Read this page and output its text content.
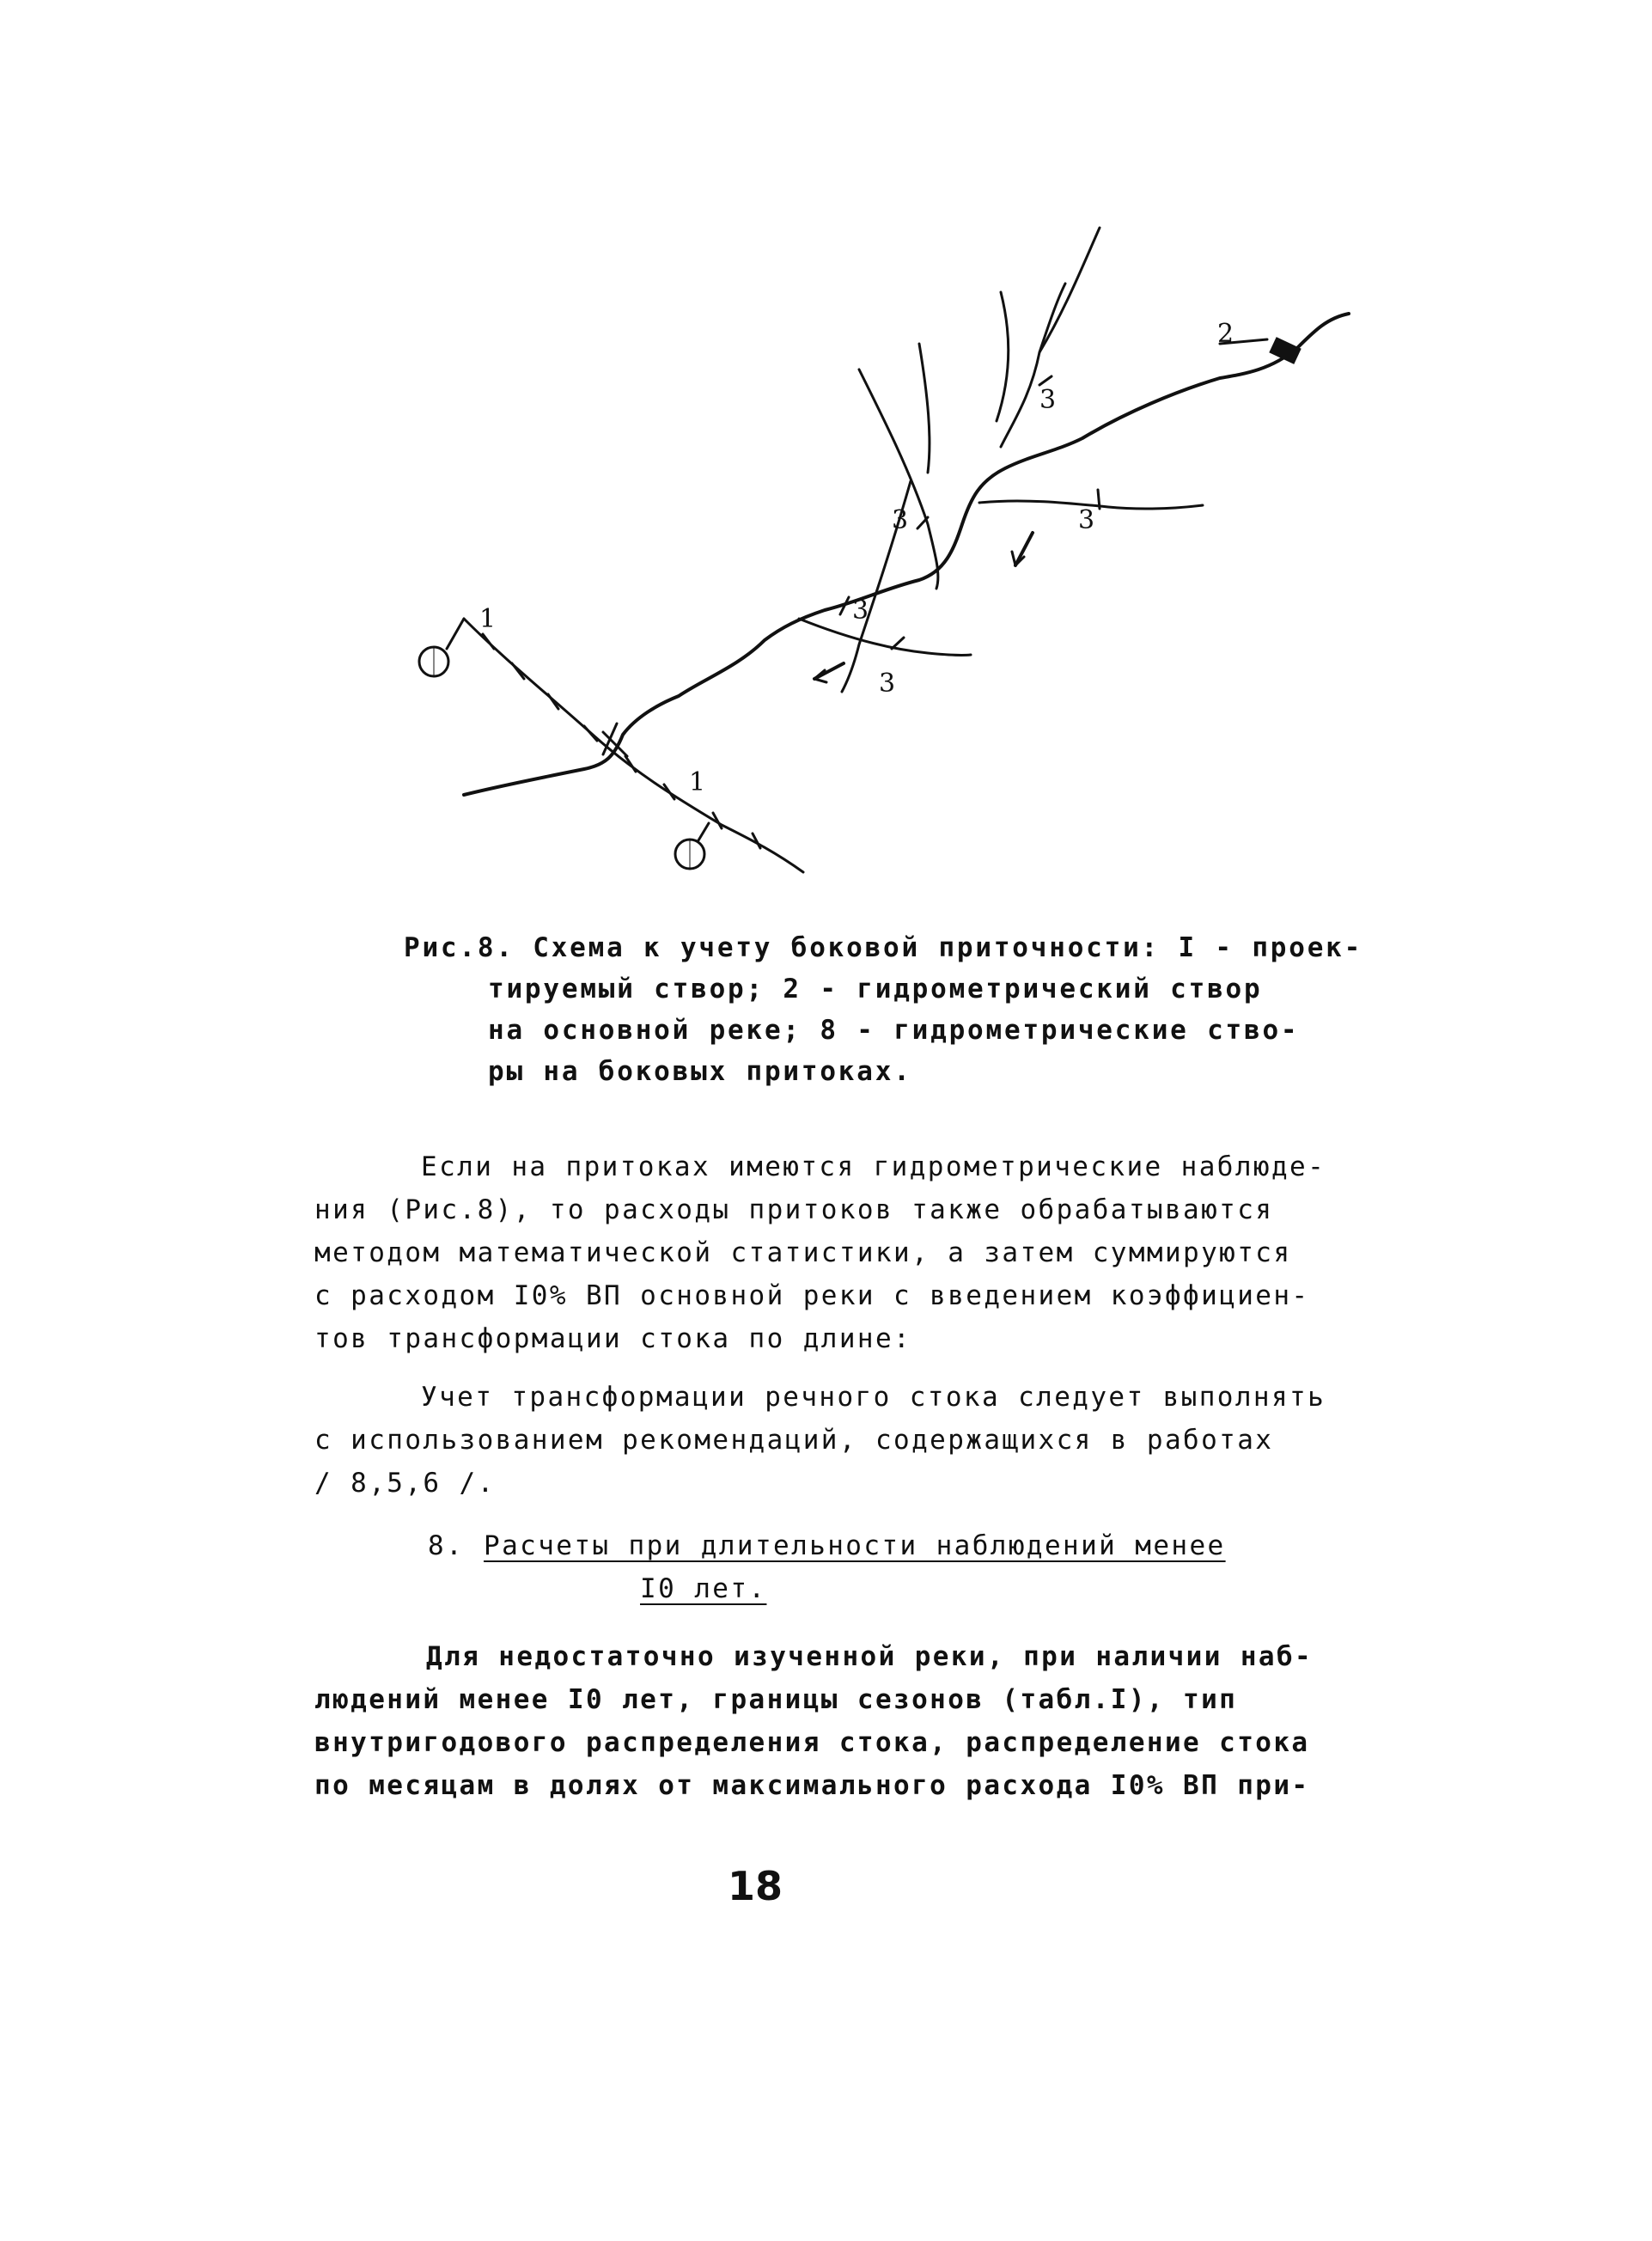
1
1
2
3
3
3
3
3
Рис.8. Схема к учету боковой приточности: I - проек-
тируемый створ; 2 - гидрометрический створ
на основной реке; 8 - гидрометрические ство-
ры на боковых притоках.
Если на притоках имеются гидрометрические наблюде-
ния (Рис.8), то расходы притоков также обрабатываются
методом математической статистики, а затем суммируются
с расходом I0% ВП основной реки с введением коэффициен-
тов трансформации стока по длине:
Учет трансформации речного стока следует выполнять
с использованием рекомендаций, содержащихся в работах
/ 8,5,6 /.
8. Расчеты при длительности наблюдений менее
I0 лет.
Для недостаточно изученной реки, при наличии наб-
людений менее I0 лет, границы сезонов (табл.I), тип
внутригодового распределения стока, распределение стока
по месяцам в долях от максимального расхода I0% ВП при-
18
